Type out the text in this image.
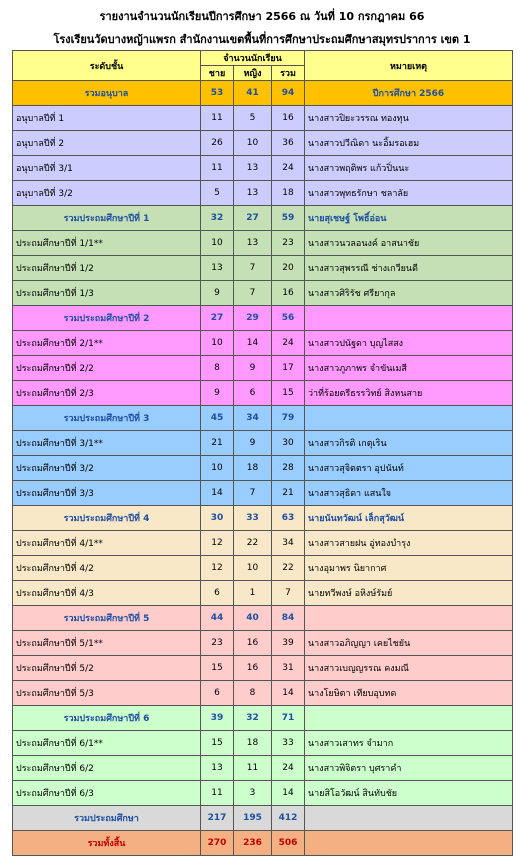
รายงานจำนวนนักเรียนปีการศึกษา 2566 ณ วันที่ 10 กรกฎาคม 66
โรงเรียนวัดบางหญ้าแพรก สำนักงานเขตพื้นที่การศึกษาประถมศึกษาสมุทรปราการ เขต 1
ระดับชั้น	จำนวนนักเรียน			หมายเหตุ
	ชาย	หญิง	รวม	
รวมอนุบาล	53	41	94	ปีการศึกษา 2566
อนุบาลปีที่ 1	11	5	16	นางสาวปิยะวรรณ ทองทุน
อนุบาลปีที่ 2	26	10	36	นางสาวปวีณิดา นะอิ้มรอเฮม
อนุบาลปีที่ 3/1	11	13	24	นางสาวพฤติพร แก้วปิ่นนะ
อนุบาลปีที่ 3/2	5	13	18	นางสาวพุทธรักษา ชลาลัย
รวมประถมศึกษาปีที่ 1	32	27	59	นายสุเชษฐ์ โพธิ์อ่อน
ประถมศึกษาปีที่ 1/1**	10	13	23	นางสาวนวลอนงค์ อาสนาชัย
ประถมศึกษาปีที่ 1/2	13	7	20	นางสาวสุพรรณี ช่างเกวียนดี
ประถมศึกษาปีที่ 1/3	9	7	16	นางสาวศิริรัช ศรียากุล
รวมประถมศึกษาปีที่ 2	27	29	56	
ประถมศึกษาปีที่ 2/1**	10	14	24	นางสาวปนัฐดา บุญไสสง
ประถมศึกษาปีที่ 2/2	8	9	17	นางสาวภูภาพร จำขันเมสี
ประถมศึกษาปีที่ 2/3	9	6	15	ว่าที่ร้อยตรีธรรวิทย์ สิงหนสาย
รวมประถมศึกษาปีที่ 3	45	34	79	
ประถมศึกษาปีที่ 3/1**	21	9	30	นางสาวกิรติ เกตุเริน
ประถมศึกษาปีที่ 3/2	10	18	28	นางสาวสุจิตตรา อุปนันท์
ประถมศึกษาปีที่ 3/3	14	7	21	นางสาวสุธิดา แสนใจ
รวมประถมศึกษาปีที่ 4	30	33	63	นายนันทวัฒน์ เล็กสุวัฒน์
ประถมศึกษาปีที่ 4/1**	12	22	34	นางสาวสายฝน อู่ทองบำรุง
ประถมศึกษาปีที่ 4/2	12	10	22	นางอุมาพร นิยากาศ
ประถมศึกษาปีที่ 4/3	6	1	7	นายทวีพงษ์ อหิงษ์รัมย์
รวมประถมศึกษาปีที่ 5	44	40	84	
ประถมศึกษาปีที่ 5/1**	23	16	39	นางสาวอภิญญา เคยไชยัน
ประถมศึกษาปีที่ 5/2	15	16	31	นางสาวเบญญรรณ คงมณี
ประถมศึกษาปีที่ 5/3	6	8	14	นางโยษิตา เทียบอุบทด
รวมประถมศึกษาปีที่ 6	39	32	71	
ประถมศึกษาปีที่ 6/1**	15	18	33	นางสาวเสาทร จำมาก
ประถมศึกษาปีที่ 6/2	13	11	24	นางสาวพิจิตรา บุศราคำ
ประถมศึกษาปีที่ 6/3	11	3	14	นายสิโอวัฒน์ สินทับชัย
รวมประถมศึกษา	217	195	412	
รวมทั้งสิ้น	270	236	506	
